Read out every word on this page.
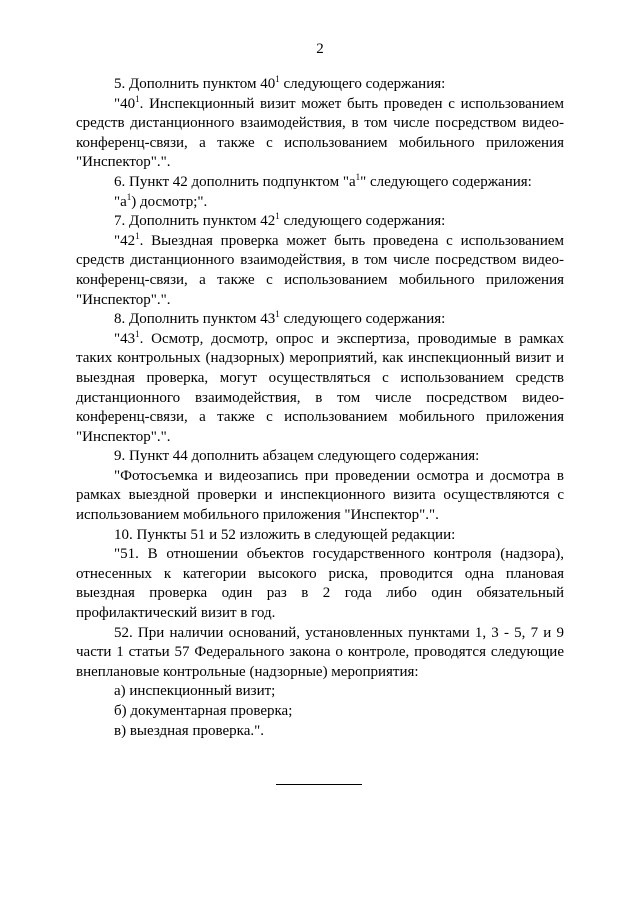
2

5. Дополнить пунктом $40^1$ следующего содержания:

"$40^1$. Инспекционный визит может быть проведен с использованием средств дистанционного взаимодействия, в том числе посредством видео-конференц-связи, а также с использованием мобильного приложения "Инспектор".".

6. Пункт 42 дополнить подпунктом "$а^1$" следующего содержания:

"$а^1$) досмотр;".

7. Дополнить пунктом $42^1$ следующего содержания:

"$42^1$. Выездная проверка может быть проведена с использованием средств дистанционного взаимодействия, в том числе посредством видео-конференц-связи, а также с использованием мобильного приложения "Инспектор".".

8. Дополнить пунктом $43^1$ следующего содержания:

"$43^1$. Осмотр, досмотр, опрос и экспертиза, проводимые в рамках таких контрольных (надзорных) мероприятий, как инспекционный визит и выездная проверка, могут осуществляться с использованием средств дистанционного взаимодействия, в том числе посредством видео-конференц-связи, а также с использованием мобильного приложения "Инспектор".".

9. Пункт 44 дополнить абзацем следующего содержания:

"Фотосъемка и видеозапись при проведении осмотра и досмотра в рамках выездной проверки и инспекционного визита осуществляются с использованием мобильного приложения "Инспектор".".

10. Пункты 51 и 52 изложить в следующей редакции:

"51. В отношении объектов государственного контроля (надзора), отнесенных к категории высокого риска, проводится одна плановая выездная проверка один раз в 2 года либо один обязательный профилактический визит в год.

52. При наличии оснований, установленных пунктами 1, 3 - 5, 7 и 9 части 1 статьи 57 Федерального закона о контроле, проводятся следующие внеплановые контрольные (надзорные) мероприятия:

а) инспекционный визит;

б) документарная проверка;

в) выездная проверка.".
